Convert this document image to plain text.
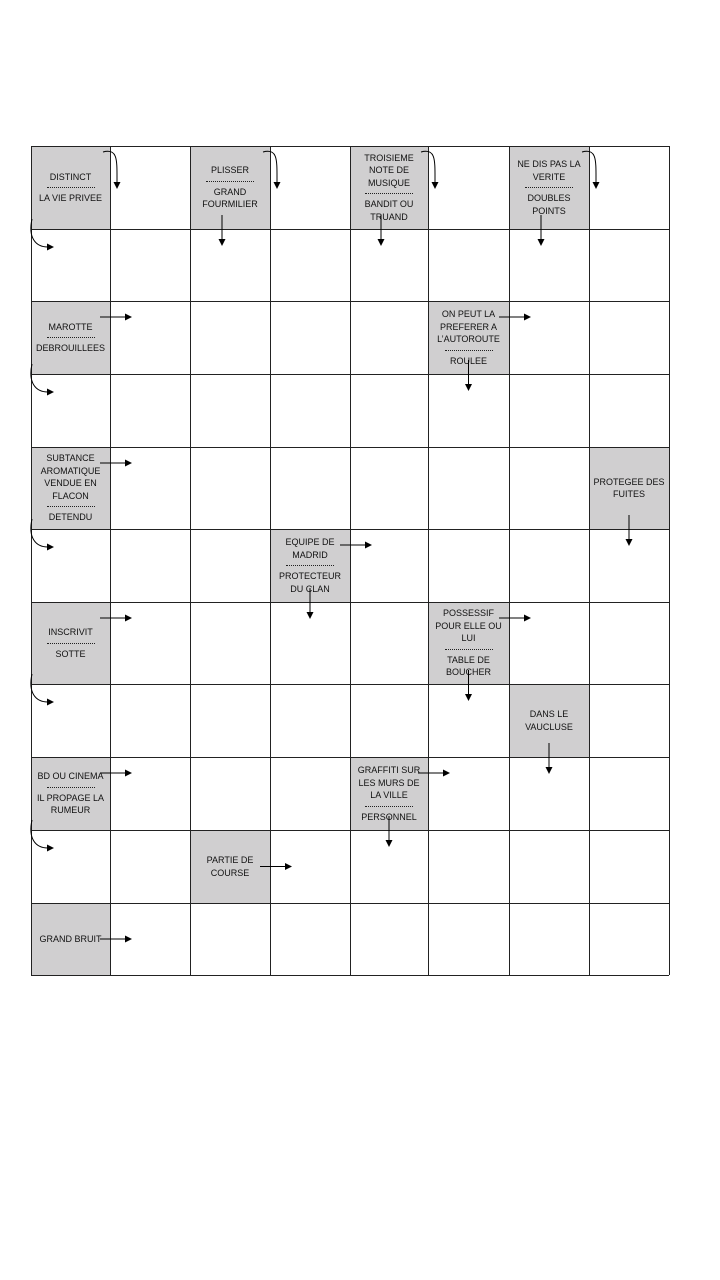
DISTINCT
LA VIE PRIVEE
PLISSER
GRAND FOURMILIER
TROISIEME NOTE DE MUSIQUE
BANDIT OU TRUAND
NE DIS PAS LA VERITE
DOUBLES POINTS
MAROTTE
DEBROUILLEES
ON PEUT LA PREFERER A L’AUTOROUTE
ROULEE
SUBTANCE AROMATIQUE VENDUE EN FLACON
DETENDU
PROTEGEE DES FUITES
EQUIPE DE MADRID
PROTECTEUR DU CLAN
INSCRIVIT
SOTTE
POSSESSIF POUR ELLE OU LUI
TABLE DE BOUCHER
DANS LE VAUCLUSE
BD OU CINEMA
IL PROPAGE LA RUMEUR
GRAFFITI SUR LES MURS DE LA VILLE
PERSONNEL
PARTIE DE COURSE
GRAND BRUIT
